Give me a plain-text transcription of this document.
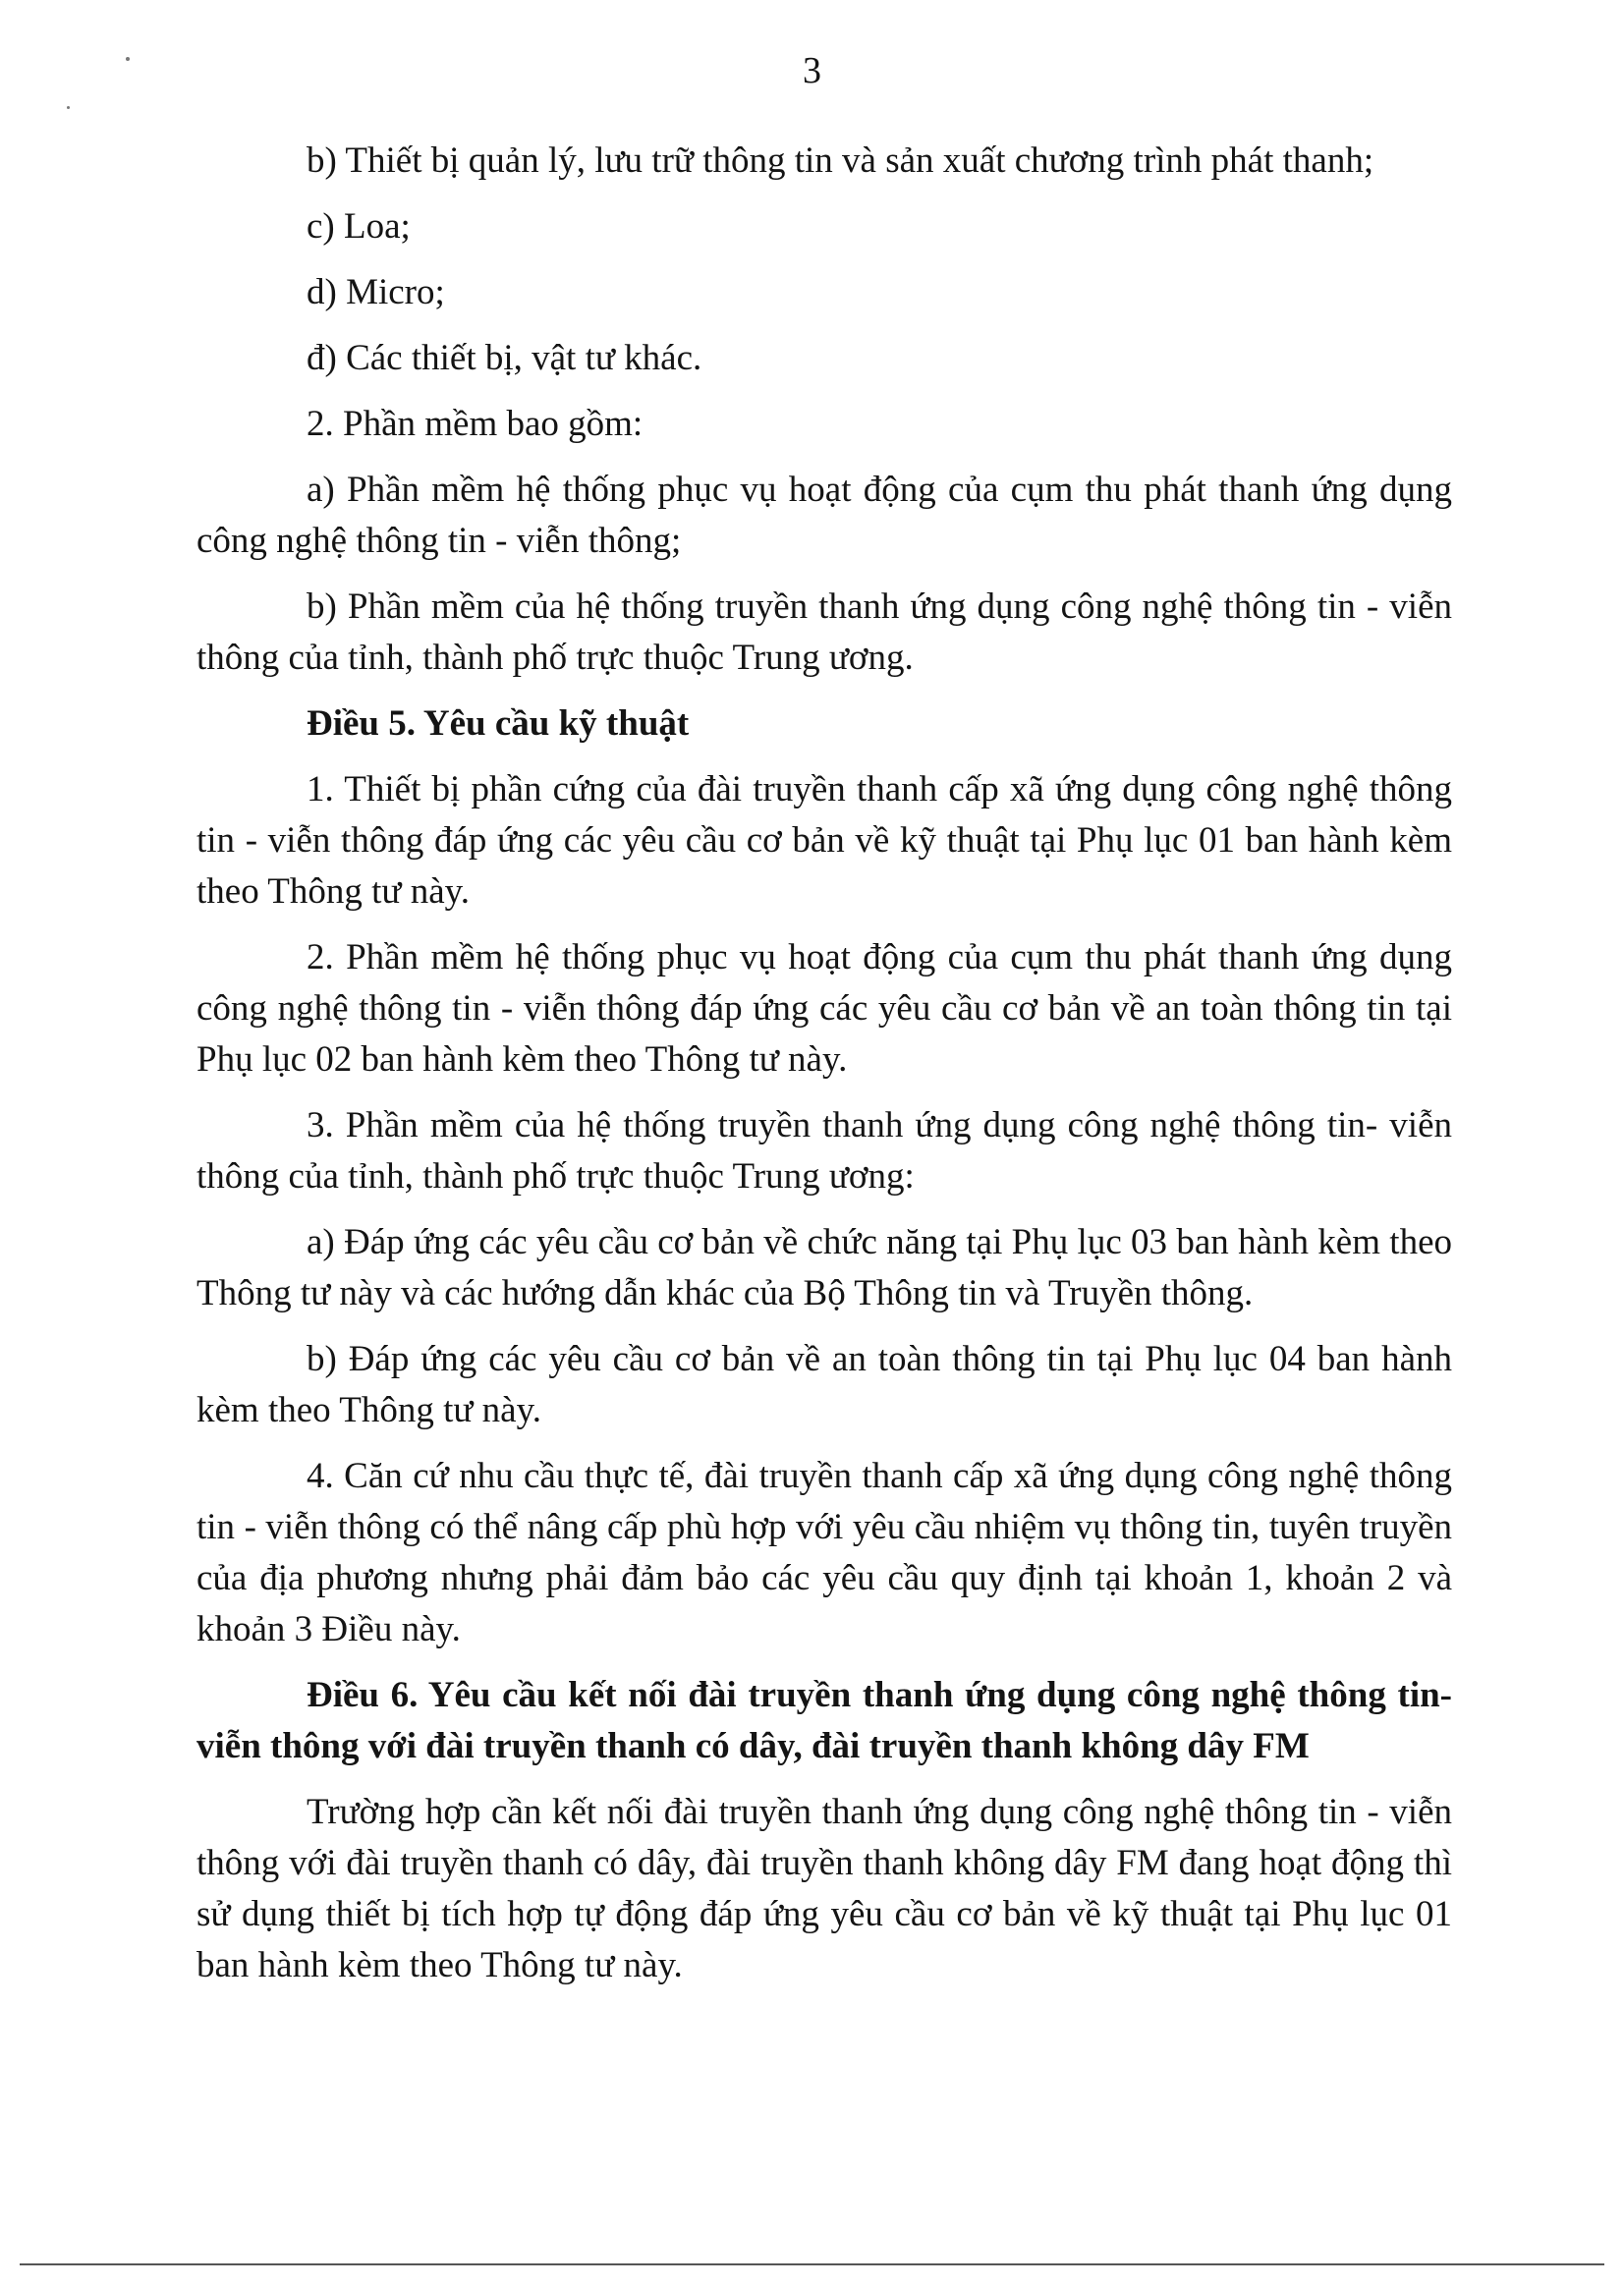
3
b) Thiết bị quản lý, lưu trữ thông tin và sản xuất chương trình phát thanh;
c) Loa;
d) Micro;
đ) Các thiết bị, vật tư khác.
2. Phần mềm bao gồm:

a) Phần mềm hệ thống phục vụ hoạt động của cụm thu phát thanh ứng dụng công nghệ thông tin - viễn thông;

b) Phần mềm của hệ thống truyền thanh ứng dụng công nghệ thông tin - viễn thông của tỉnh, thành phố trực thuộc Trung ương.

Điều 5. Yêu cầu kỹ thuật

1. Thiết bị phần cứng của đài truyền thanh cấp xã ứng dụng công nghệ thông tin - viễn thông đáp ứng các yêu cầu cơ bản về kỹ thuật tại Phụ lục 01 ban hành kèm theo Thông tư này.

2. Phần mềm hệ thống phục vụ hoạt động của cụm thu phát thanh ứng dụng công nghệ thông tin - viễn thông đáp ứng các yêu cầu cơ bản về an toàn thông tin tại Phụ lục 02 ban hành kèm theo Thông tư này.

3. Phần mềm của hệ thống truyền thanh ứng dụng công nghệ thông tin- viễn thông của tỉnh, thành phố trực thuộc Trung ương:

a) Đáp ứng các yêu cầu cơ bản về chức năng tại Phụ lục 03 ban hành kèm theo Thông tư này và các hướng dẫn khác của Bộ Thông tin và Truyền thông.

b) Đáp ứng các yêu cầu cơ bản về an toàn thông tin tại Phụ lục 04 ban hành kèm theo Thông tư này.

4. Căn cứ nhu cầu thực tế, đài truyền thanh cấp xã ứng dụng công nghệ thông tin - viễn thông có thể nâng cấp phù hợp với yêu cầu nhiệm vụ thông tin, tuyên truyền của địa phương nhưng phải đảm bảo các yêu cầu quy định tại khoản 1, khoản 2 và khoản 3 Điều này.

Điều 6. Yêu cầu kết nối đài truyền thanh ứng dụng công nghệ thông tin-viễn thông với đài truyền thanh có dây, đài truyền thanh không dây FM

Trường hợp cần kết nối đài truyền thanh ứng dụng công nghệ thông tin - viễn thông với đài truyền thanh có dây, đài truyền thanh không dây FM đang hoạt động thì sử dụng thiết bị tích hợp tự động đáp ứng yêu cầu cơ bản về kỹ thuật tại Phụ lục 01 ban hành kèm theo Thông tư này.
